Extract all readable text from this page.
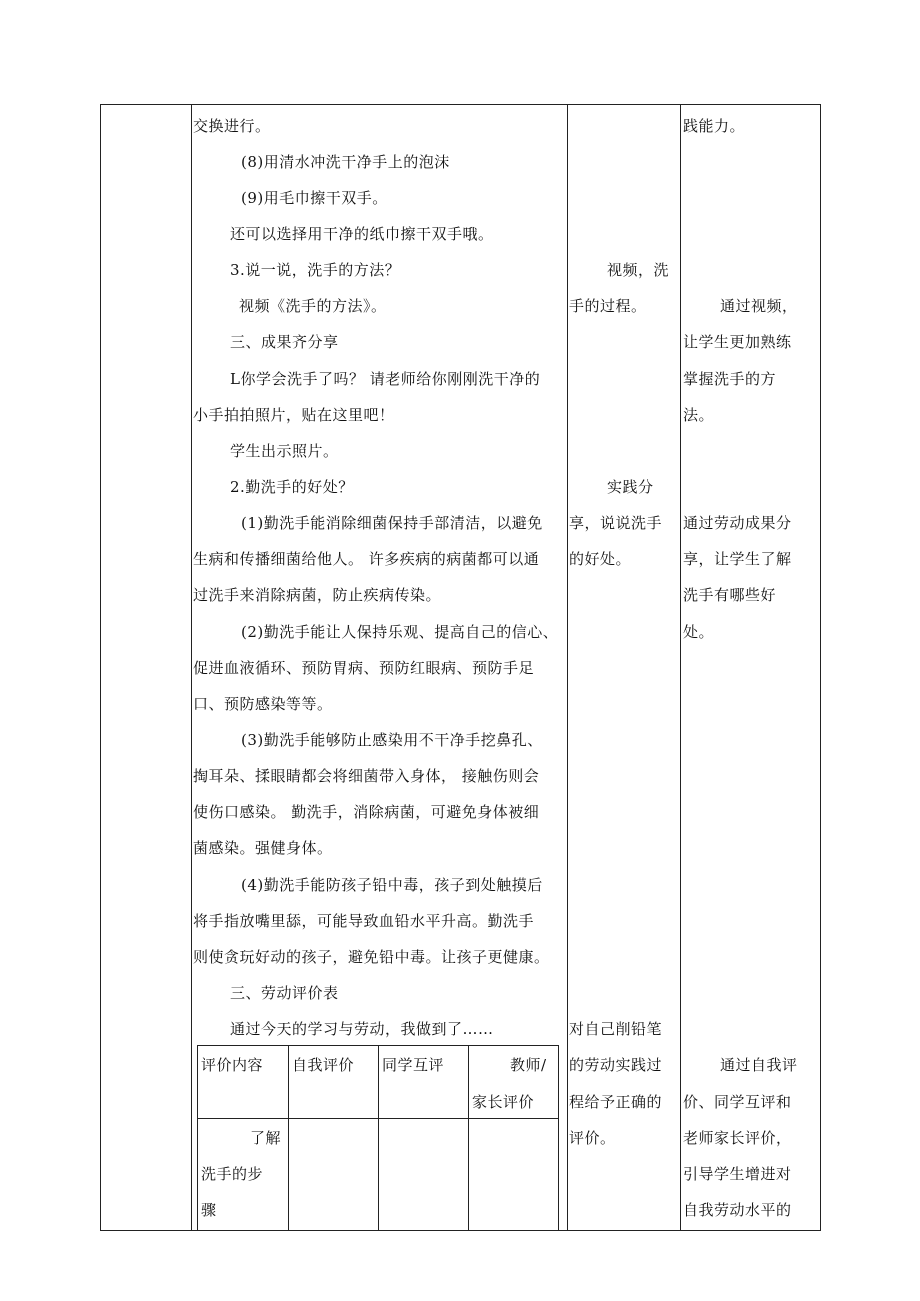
交换进行。
(8)用清水冲洗干净手上的泡沫
(9)用毛巾擦干双手。
还可以选择用干净的纸巾擦干双手哦。
3.说一说，洗手的方法？
视频《洗手的方法》。
三、成果齐分享
L你学会洗手了吗？ 请老师给你刚刚洗干净的
小手拍拍照片，贴在这里吧！
学生出示照片。
2.勤洗手的好处？
(1)勤洗手能消除细菌保持手部清洁，以避免
生病和传播细菌给他人。 许多疾病的病菌都可以通
过洗手来消除病菌，防止疾病传染。
(2)勤洗手能让人保持乐观、提高自己的信心、
促进血液循环、预防胃病、预防红眼病、预防手足
口、预防感染等等。
(3)勤洗手能够防止感染用不干净手挖鼻孔、
掏耳朵、揉眼睛都会将细菌带入身体， 接触伤则会
使伤口感染。 勤洗手，消除病菌，可避免身体被细
菌感染。强健身体。
(4)勤洗手能防孩子铅中毒，孩子到处触摸后
将手指放嘴里舔，可能导致血铅水平升高。勤洗手
则使贪玩好动的孩子，避免铅中毒。让孩子更健康。
三、劳动评价表
通过今天的学习与劳动，我做到了……
评价内容 自我评价 同学互评	教师/
家长评价
了解
洗手的步
骤
视频，洗
手的过程。
实践分
享，说说洗手
的好处。
对自己削铅笔
的劳动实践过
程给予正确的
评价。
践能力。
通过视频，
让学生更加熟练
掌握洗手的方
法。
通过劳动成果分
享，让学生了解
洗手有哪些好
处。
通过自我评
价、同学互评和
老师家长评价，
引导学生增进对
自我劳动水平的
